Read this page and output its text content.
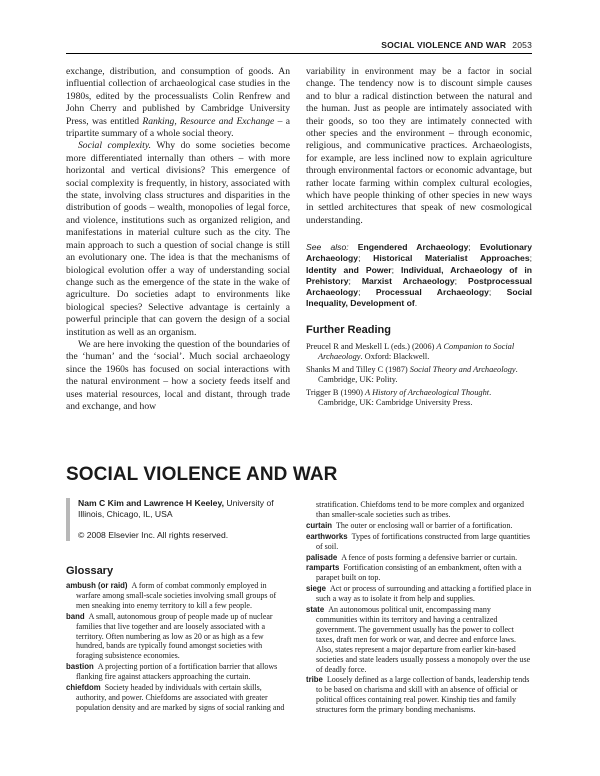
SOCIAL VIOLENCE AND WAR 2053

exchange, distribution, and consumption of goods. An influential collection of archaeological case studies in the 1980s, edited by the processualists Colin Renfrew and John Cherry and published by Cambridge University Press, was entitled Ranking, Resource and Exchange – a tripartite summary of a whole social theory.

Social complexity. Why do some societies become more differentiated internally than others – with more horizontal and vertical divisions? This emergence of social complexity is frequently, in history, associated with the state, involving class structures and disparities in the distribution of goods – wealth, monopolies of legal force, and violence, institutions such as organized religion, and manifestations in material culture such as the city. The main approach to such a question of social change is still an evolutionary one. The idea is that the mechanisms of biological evolution offer a way of understanding social change such as the emergence of the state in the wake of agriculture. Do societies adapt to environments like biological species? Selective advantage is certainly a powerful principle that can govern the design of a social institution as well as an organism.

We are here invoking the question of the boundaries of the ‘human’ and the ‘social’. Much social archaeology since the 1960s has focused on social interactions with the natural environment – how a society feeds itself and uses material resources, local and distant, through trade and exchange, and how

variability in environment may be a factor in social change. The tendency now is to discount simple causes and to blur a radical distinction between the natural and the human. Just as people are intimately associated with their goods, so too they are intimately connected with other species and the environment – through economic, religious, and communicative practices. Archaeologists, for example, are less inclined now to explain agriculture through environmental factors or economic advantage, but rather locate farming within complex cultural ecologies, which have people thinking of other species in new ways in settled architectures that speak of new cosmological understanding.

See also: Engendered Archaeology; Evolutionary Archaeology; Historical Materialist Approaches; Identity and Power; Individual, Archaeology of in Prehistory; Marxist Archaeology; Postprocessual Archaeology; Processual Archaeology; Social Inequality, Development of.

Further Reading

Preucel R and Meskell L (eds.) (2006) A Companion to Social Archaeology. Oxford: Blackwell.

Shanks M and Tilley C (1987) Social Theory and Archaeology. Cambridge, UK: Polity.

Trigger B (1990) A History of Archaeological Thought. Cambridge, UK: Cambridge University Press.

SOCIAL VIOLENCE AND WAR
Nam C Kim and Lawrence H Keeley, University of Illinois, Chicago, IL, USA
© 2008 Elsevier Inc. All rights reserved.
Glossary

ambush (or raid) A form of combat commonly employed in warfare among small-scale societies involving small groups of men sneaking into enemy territory to kill a few people.

band A small, autonomous group of people made up of nuclear families that live together and are loosely associated with a territory. Often numbering as low as 20 or as high as a few hundred, bands are typically found amongst societies with foraging subsistence economies.

bastion A projecting portion of a fortification barrier that allows flanking fire against attackers approaching the curtain.

chiefdom Society headed by individuals with certain skills, authority, and power. Chiefdoms are associated with greater population density and are marked by signs of social ranking and

stratification. Chiefdoms tend to be more complex and organized than smaller-scale societies such as tribes.

curtain The outer or enclosing wall or barrier of a fortification.

earthworks Types of fortifications constructed from large quantities of soil.

palisade A fence of posts forming a defensive barrier or curtain.

ramparts Fortification consisting of an embankment, often with a parapet built on top.

siege Act or process of surrounding and attacking a fortified place in such a way as to isolate it from help and supplies.

state An autonomous political unit, encompassing many communities within its territory and having a centralized government. The government usually has the power to collect taxes, draft men for work or war, and decree and enforce laws. Also, states represent a major departure from earlier kin-based societies and state leaders usually possess a monopoly over the use of deadly force.

tribe Loosely defined as a large collection of bands, leadership tends to be based on charisma and skill with an absence of official or political offices containing real power. Kinship ties and family structures form the primary bonding mechanisms.
